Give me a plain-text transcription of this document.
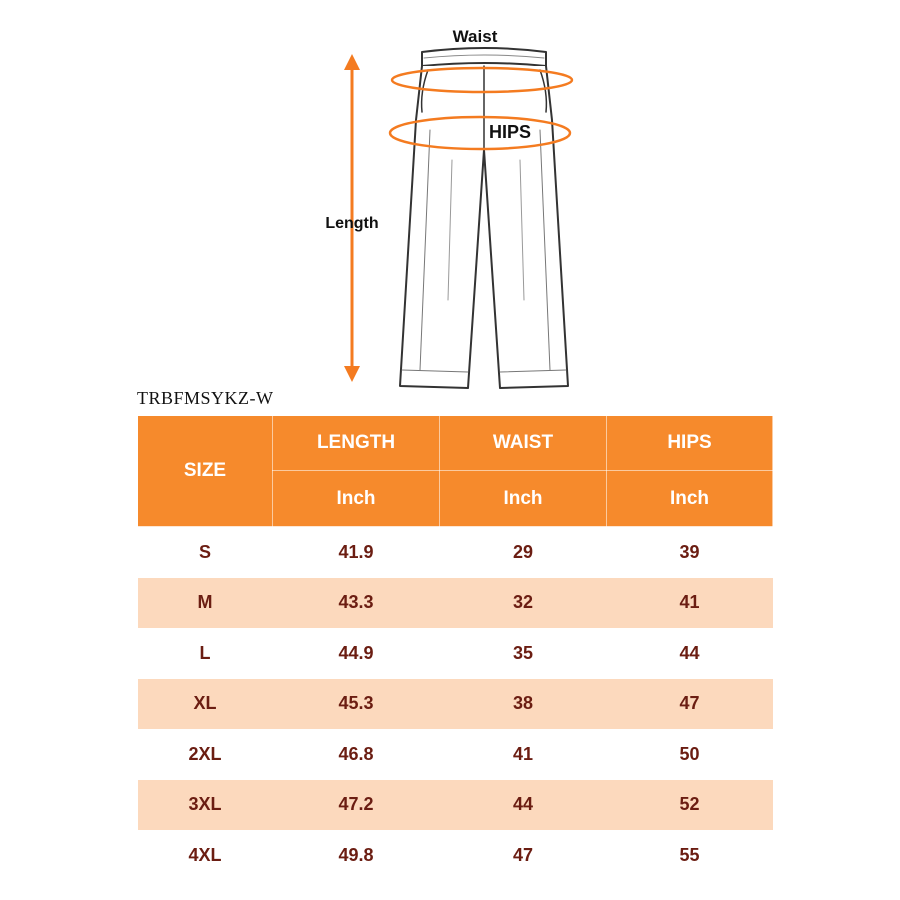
Waist
HIPS
Length
TRBFMSYKZ-W
SIZE	LENGTH	WAIST	HIPS
	Inch	Inch	Inch
S	41.9	29	39
M	43.3	32	41
L	44.9	35	44
XL	45.3	38	47
2XL	46.8	41	50
3XL	47.2	44	52
4XL	49.8	47	55
